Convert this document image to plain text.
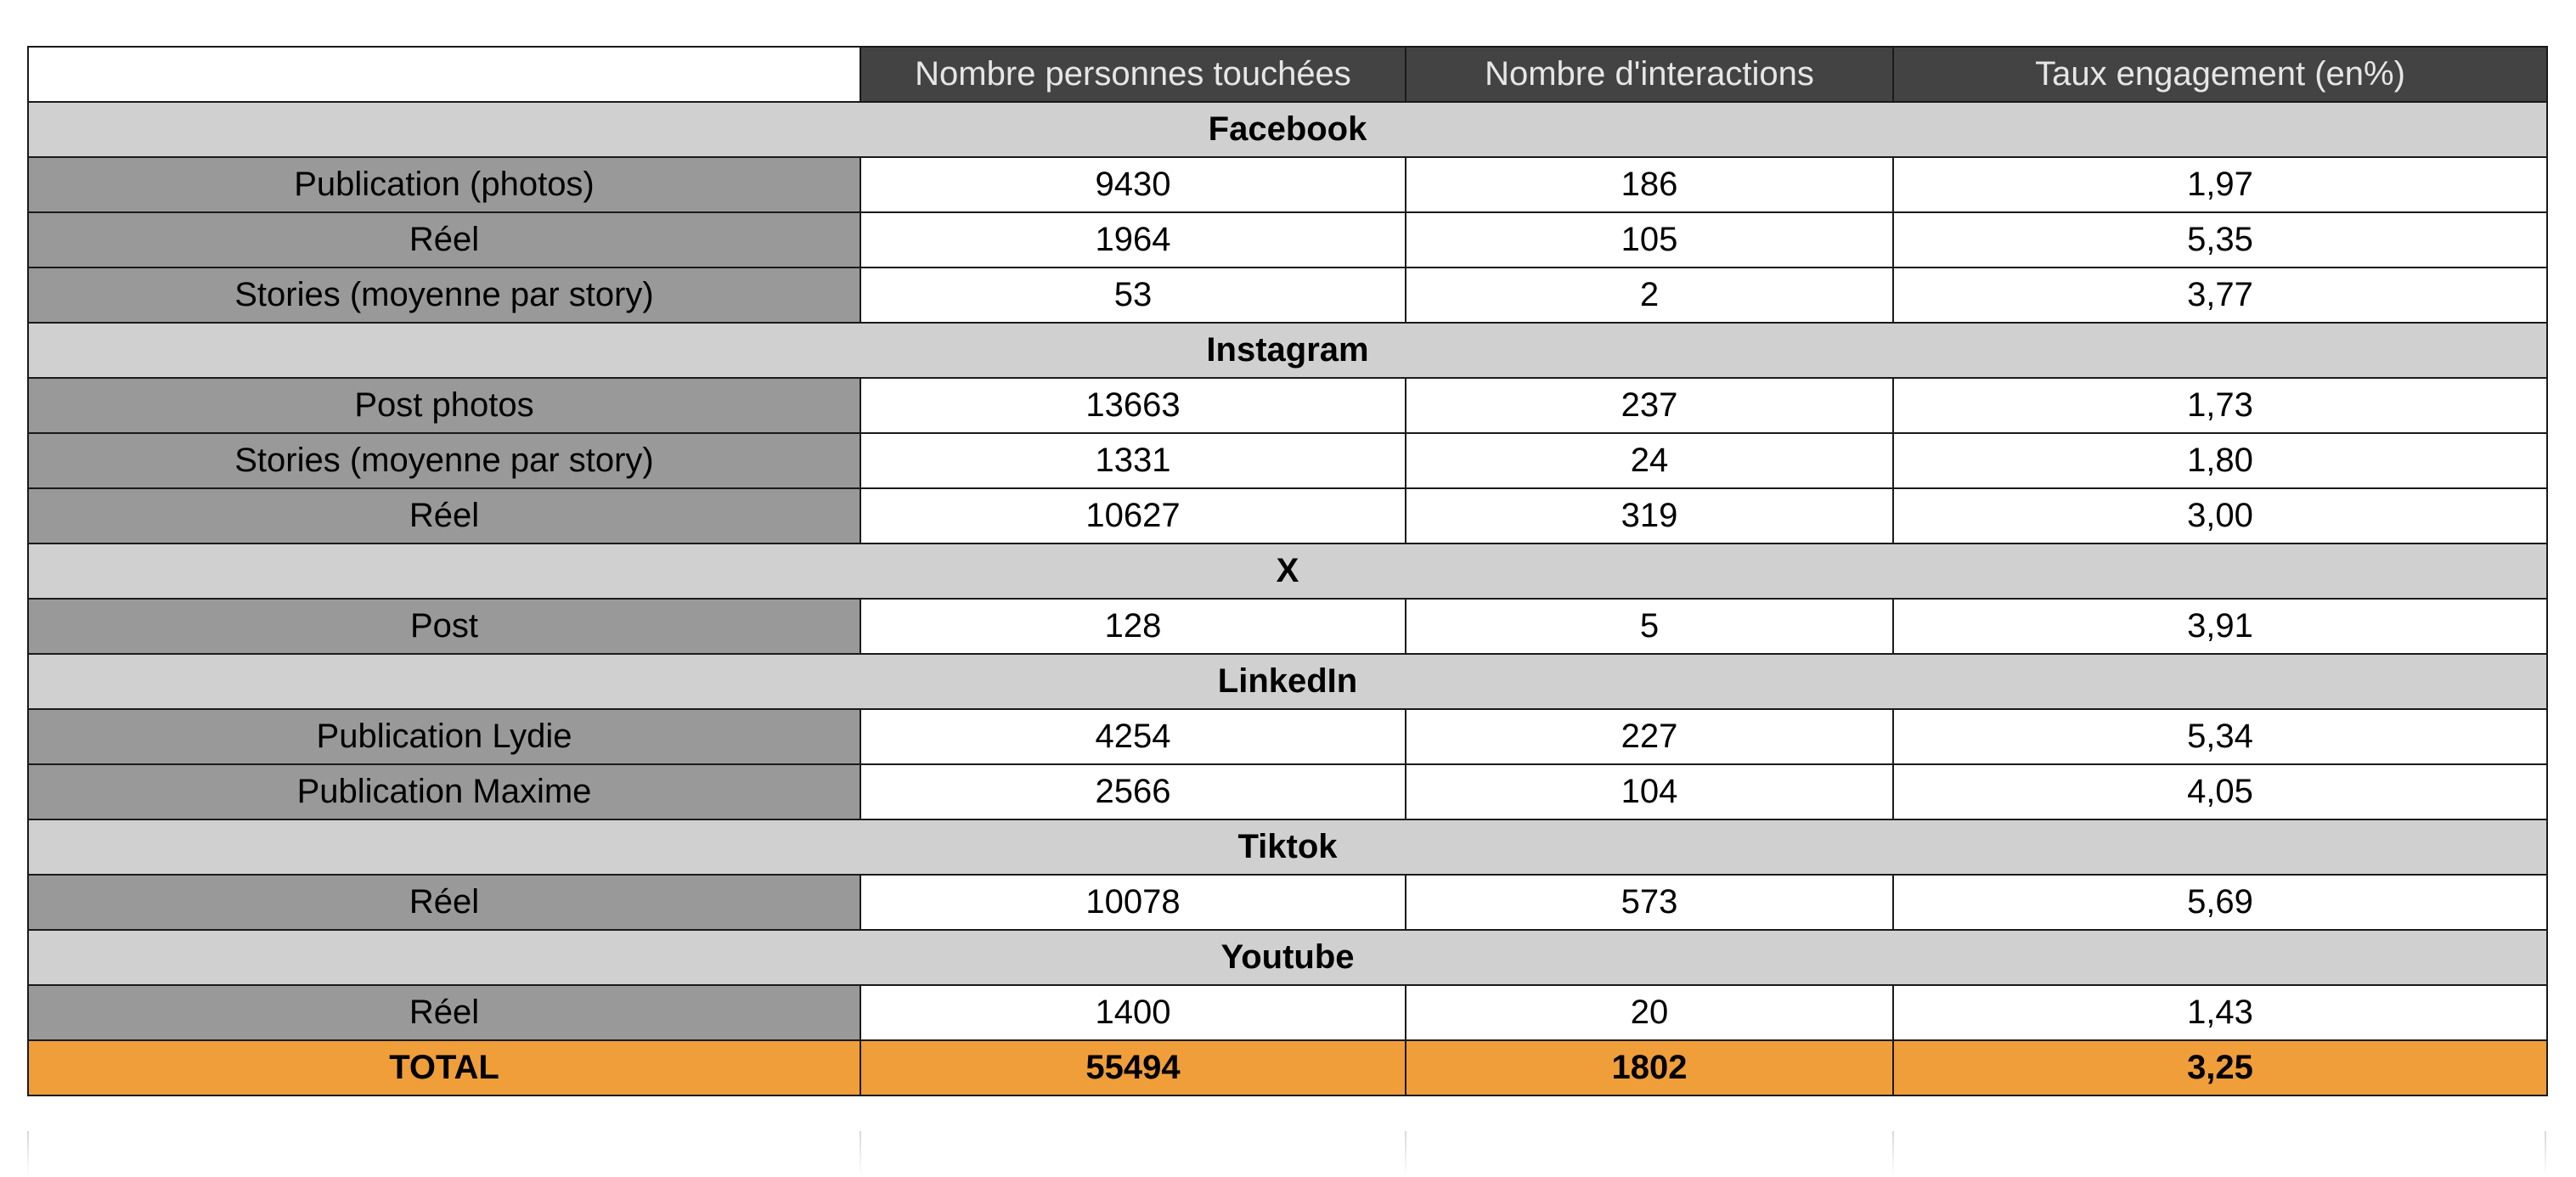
	Nombre personnes touchées	Nombre d'interactions	Taux engagement (en%)
Facebook			
Publication (photos)	9430	186	1,97
Réel	1964	105	5,35
Stories (moyenne par story)	53	2	3,77
Instagram			
Post photos	13663	237	1,73
Stories (moyenne par story)	1331	24	1,80
Réel	10627	319	3,00
X			
Post	128	5	3,91
LinkedIn			
Publication Lydie	4254	227	5,34
Publication Maxime	2566	104	4,05
Tiktok			
Réel	10078	573	5,69
Youtube			
Réel	1400	20	1,43
TOTAL	55494	1802	3,25
